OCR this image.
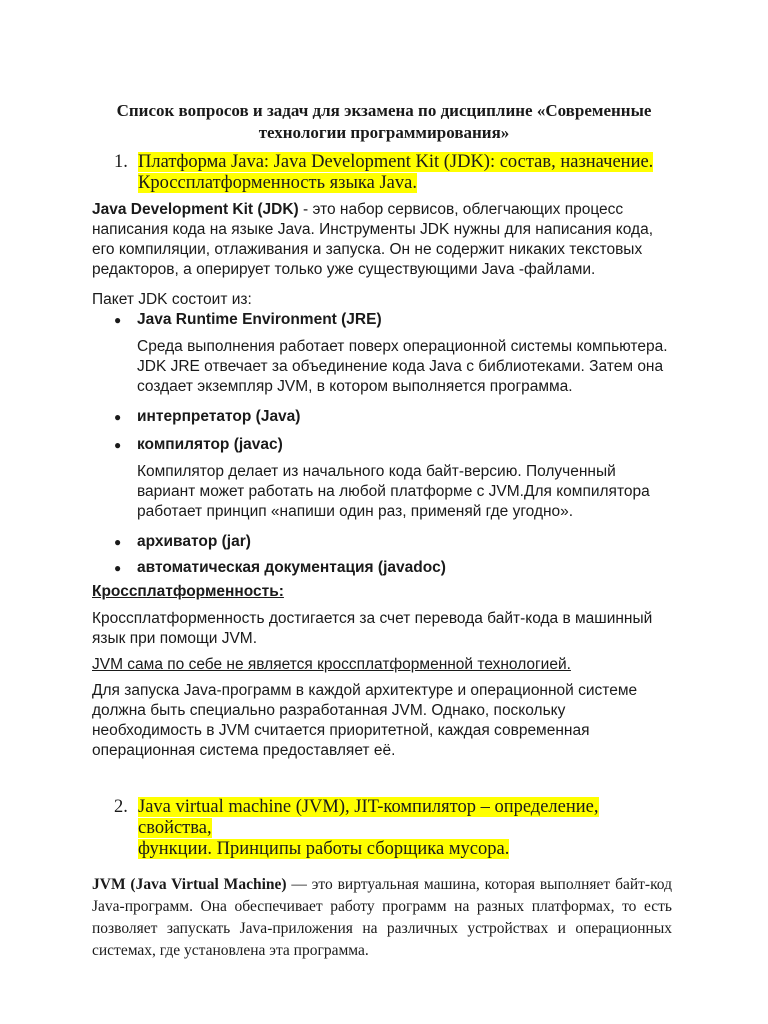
Список вопросов и задач для экзамена по дисциплине «Современные технологии программирования»
1. Платформа Java: Java Development Kit (JDK): состав, назначение.
Кроссплатформенность языка Java.

Java Development Kit (JDK) - это набор сервисов, облегчающих процесс написания кода на языке Java. Инструменты JDK нужны для написания кода, его компиляции, отлаживания и запуска. Он не содержит никаких текстовых редакторов, а оперирует только уже существующими Java -файлами.

Пакет JDK состоит из:

● Java Runtime Environment (JRE)

Среда выполнения работает поверх операционной системы компьютера. JDK JRE отвечает за объединение кода Java с библиотеками. Затем она создает экземпляр JVM, в котором выполняется программа.

● интерпретатор (Java)
● компилятор (javac)

Компилятор делает из начального кода байт-версию. Полученный вариант может работать на любой платформе с JVM.Для компилятора работает принцип «напиши один раз, применяй где угодно».

● архиватор (jar)
● автоматическая документация (javadoc)

Кроссплатформенность:

Кроссплатформенность достигается за счет перевода байт-кода в машинный язык при помощи JVM.

JVM сама по себе не является кроссплатформенной технологией.

Для запуска Java-программ в каждой архитектуре и операционной системе должна быть специально разработанная JVM. Однако, поскольку необходимость в JVM считается приоритетной, каждая современная операционная система предоставляет её.

2. Java virtual machine (JVM), JIT-компилятор – определение, свойства,
функции. Принципы работы сборщика мусора.

JVM (Java Virtual Machine) — это виртуальная машина, которая выполняет байт-код Java-программ. Она обеспечивает работу программ на разных платформах, то есть позволяет запускать Java-приложения на различных устройствах и операционных системах, где установлена эта программа.
